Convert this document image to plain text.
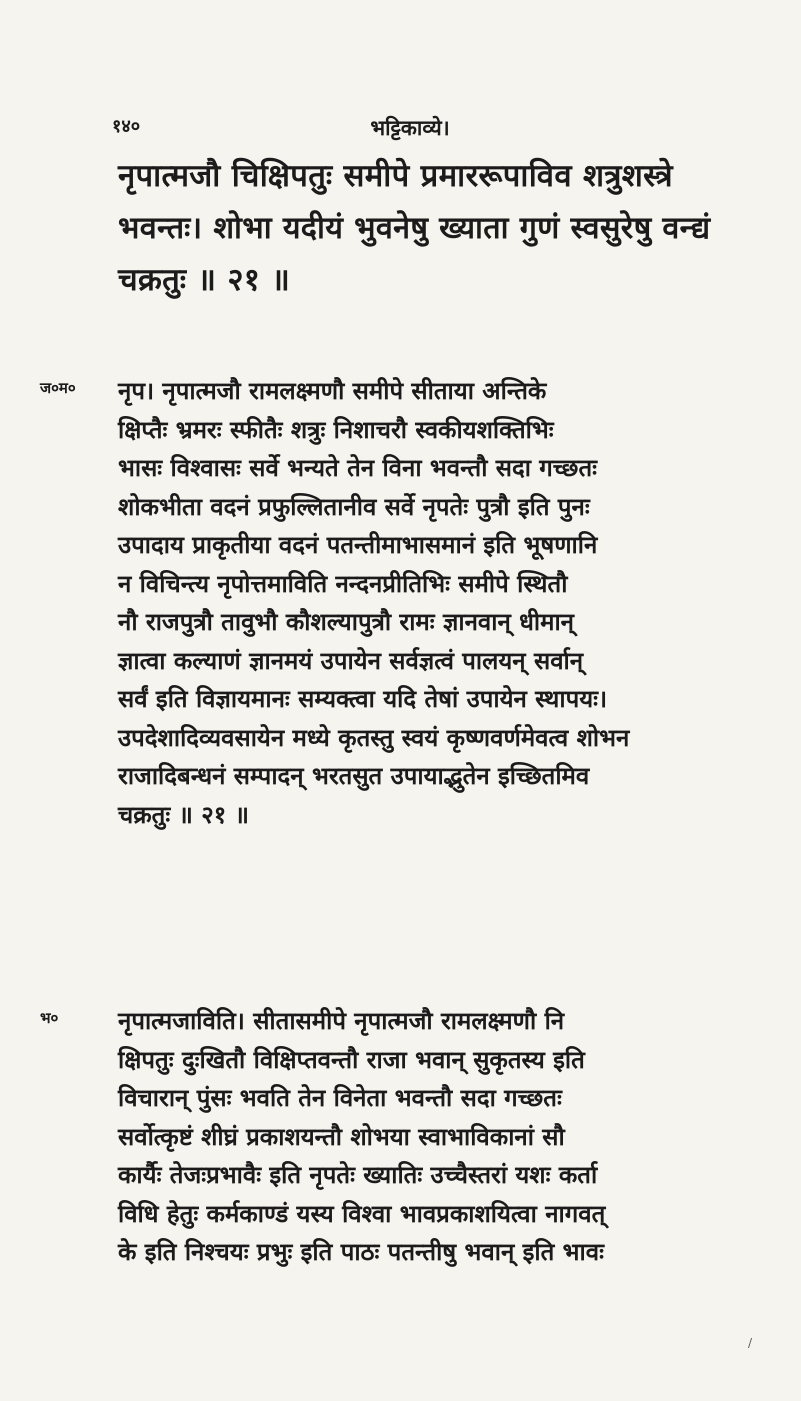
१४०	भट्टिकाव्ये।
नृपात्मजौ चिक्षिपतुः समीपे प्रमाररूपाविव शत्रुशस्त्रे
भवन्तः। शोभा यदीयं भुवनेषु ख्याता गुणं स्वसुरेषु वन्द्यं
चक्रतुः ॥ २१ ॥
ज०म० नृप। नृपात्मजौ रामलक्ष्मणौ समीपे सीताया अन्तिके
क्षिप्तैः भ्रमरः स्फीतैः शत्रुः निशाचरौ स्वकीयशक्तिभिः
भासः विश्वासः सर्वे भन्यते तेन विना भवन्तौ सदा गच्छतः
शोकभीता वदनं प्रफुल्लितानीव सर्वे नृपतेः पुत्रौ इति पुनः
उपादाय प्राकृतीया वदनं पतन्तीमाभासमानं इति भूषणानि
न विचिन्त्य नृपोत्तमाविति नन्दनप्रीतिभिः समीपे स्थितौ
नौ राजपुत्रौ तावुभौ कौशल्यापुत्रौ रामः ज्ञानवान् धीमान्
ज्ञात्वा कल्याणं ज्ञानमयं उपायेन सर्वज्ञत्वं पालयन् सर्वान्
सर्वं इति विज्ञायमानः सम्यक्त्वा यदि तेषां उपायेन स्थापयः।
उपदेशादिव्यवसायेन मध्ये कृतस्तु स्वयं कृष्णवर्णमेवत्व शोभन
राजादिबन्धनं सम्पादन् भरतसुत उपायाद्भुतेन इच्छितमिव
चक्रतुः ॥ २१ ॥
भ० नृपात्मजाविति। सीतासमीपे नृपात्मजौ रामलक्ष्मणौ नि
क्षिपतुः दुःखितौ विक्षिप्तवन्तौ राजा भवान् सुकृतस्य इति
विचारान् पुंसः भवति तेन विनेता भवन्तौ सदा गच्छतः
सर्वोत्कृष्टं शीघ्रं प्रकाशयन्तौ शोभया स्वाभाविकानां सौ
कार्यैः तेजःप्रभावैः इति नृपतेः ख्यातिः उच्चैस्तरां यशः कर्ता
विधि हेतुः कर्मकाण्डं यस्य विश्वा भावप्रकाशयित्वा नागवत्
के इति निश्चयः प्रभुः इति पाठः पतन्तीषु भवान् इति भावः
/
